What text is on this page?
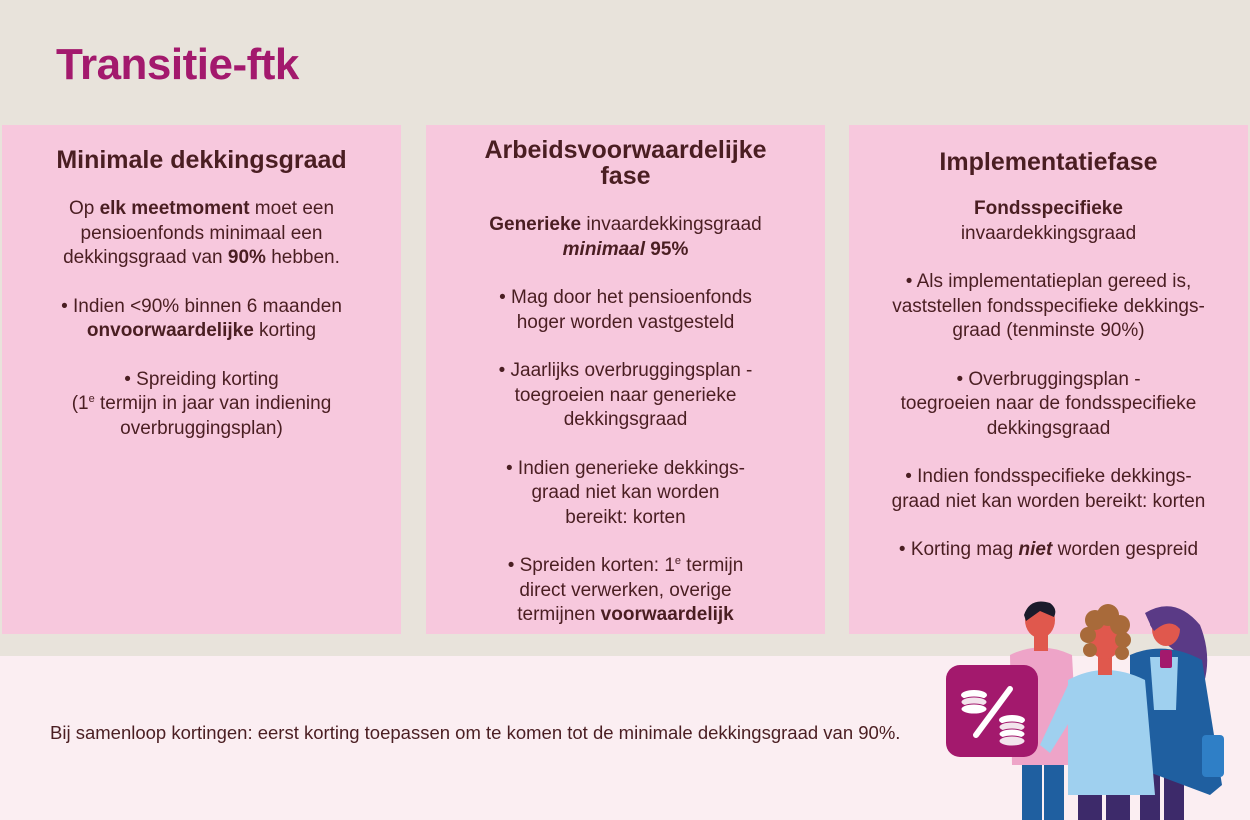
Transitie-ftk
Minimale dekkingsgraad

Op elk meetmoment moet een
pensioenfonds minimaal een
dekkingsgraad van 90% hebben.

• Indien <90% binnen 6 maanden
onvoorwaardelijke korting

• Spreiding korting
(1e termijn in jaar van indiening
overbruggingsplan)

Arbeidsvoorwaardelijke
fase

Generieke invaardekkingsgraad
minimaal 95%

• Mag door het pensioenfonds
hoger worden vastgesteld

• Jaarlijks overbruggingsplan -
toegroeien naar generieke
dekkingsgraad

• Indien generieke dekkings-
graad niet kan worden
bereikt: korten

• Spreiden korten: 1e termijn
direct verwerken, overige
termijnen voorwaardelijk

Implementatiefase

Fondsspecifieke
invaardekkingsgraad

• Als implementatieplan gereed is,
vaststellen fondsspecifieke dekkings-
graad (tenminste 90%)

• Overbruggingsplan -
toegroeien naar de fondsspecifieke
dekkingsgraad

• Indien fondsspecifieke dekkings-
graad niet kan worden bereikt: korten

• Korting mag niet worden gespreid

Bij samenloop kortingen: eerst korting toepassen om te komen tot de minimale dekkingsgraad van 90%.
